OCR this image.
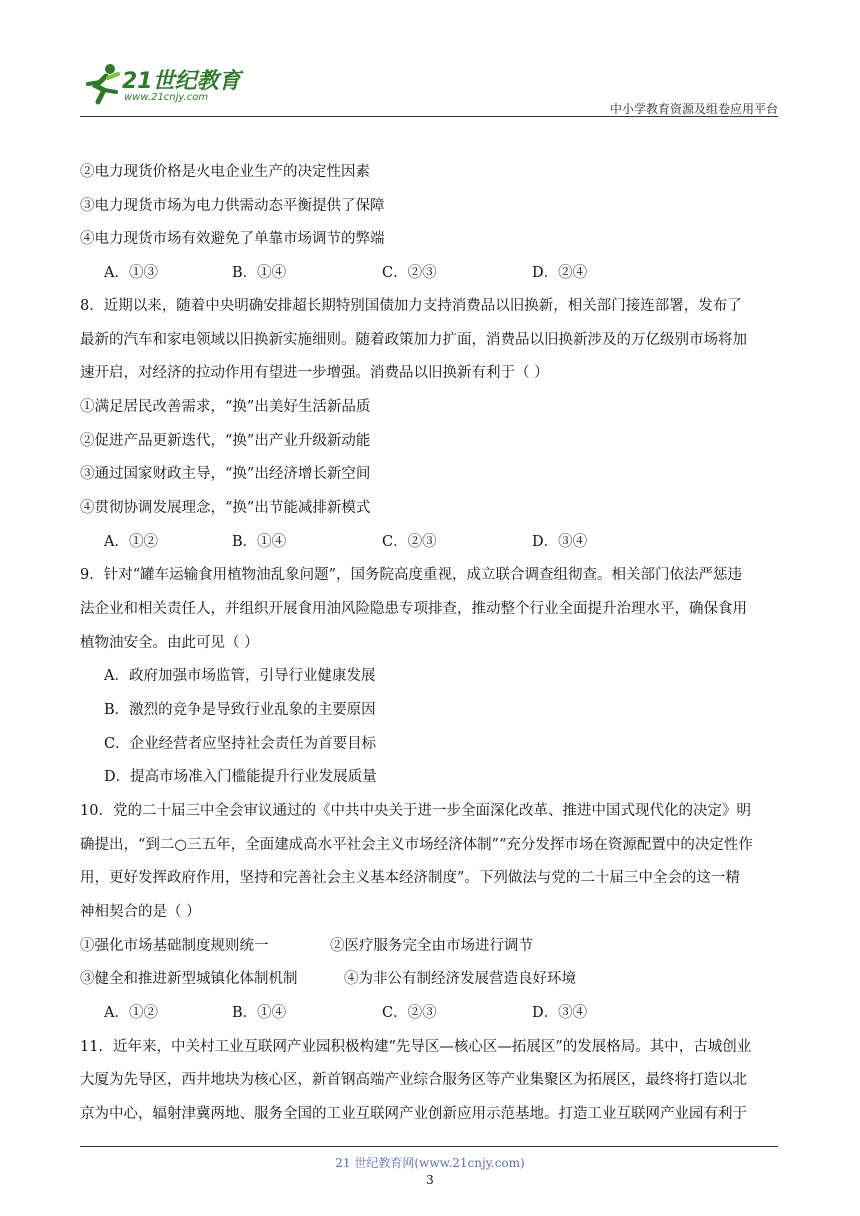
21世纪教育
www.21cnjy.com
中小学教育资源及组卷应用平台
②电力现货价格是火电企业生产的决定性因素
③电力现货市场为电力供需动态平衡提供了保障
④电力现货市场有效避免了单靠市场调节的弊端
A．①③	B．①④	C．②③	D．②④
8．近期以来，随着中央明确安排超长期特别国债加力支持消费品以旧换新，相关部门接连部署，发布了
最新的汽车和家电领域以旧换新实施细则。随着政策加力扩面，消费品以旧换新涉及的万亿级别市场将加
速开启，对经济的拉动作用有望进一步增强。消费品以旧换新有利于（ ）
①满足居民改善需求，“换”出美好生活新品质
②促进产品更新迭代，“换”出产业升级新动能
③通过国家财政主导，“换”出经济增长新空间
④贯彻协调发展理念，“换”出节能减排新模式
A．①②	B．①④	C．②③	D．③④
9．针对“罐车运输食用植物油乱象问题”，国务院高度重视，成立联合调查组彻查。相关部门依法严惩违
法企业和相关责任人，并组织开展食用油风险隐患专项排查，推动整个行业全面提升治理水平，确保食用
植物油安全。由此可见（ ）
A．政府加强市场监管，引导行业健康发展
B．激烈的竞争是导致行业乱象的主要原因
C．企业经营者应坚持社会责任为首要目标
D．提高市场准入门槛能提升行业发展质量
10．党的二十届三中全会审议通过的《中共中央关于进一步全面深化改革、推进中国式现代化的决定》明
确提出，“到二○三五年，全面建成高水平社会主义市场经济体制”“充分发挥市场在资源配置中的决定性作
用，更好发挥政府作用，坚持和完善社会主义基本经济制度”。下列做法与党的二十届三中全会的这一精
神相契合的是（ ）
①强化市场基础制度规则统一	②医疗服务完全由市场进行调节
③健全和推进新型城镇化体制机制	④为非公有制经济发展营造良好环境
A．①②	B．①④	C．②③	D．③④
11．近年来，中关村工业互联网产业园积极构建“先导区—核心区—拓展区”的发展格局。其中，古城创业
大厦为先导区，西井地块为核心区，新首钢高端产业综合服务区等产业集聚区为拓展区，最终将打造以北
京为中心，辐射津冀两地、服务全国的工业互联网产业创新应用示范基地。打造工业互联网产业园有利于
21 世纪教育网(www.21cnjy.com)
3
